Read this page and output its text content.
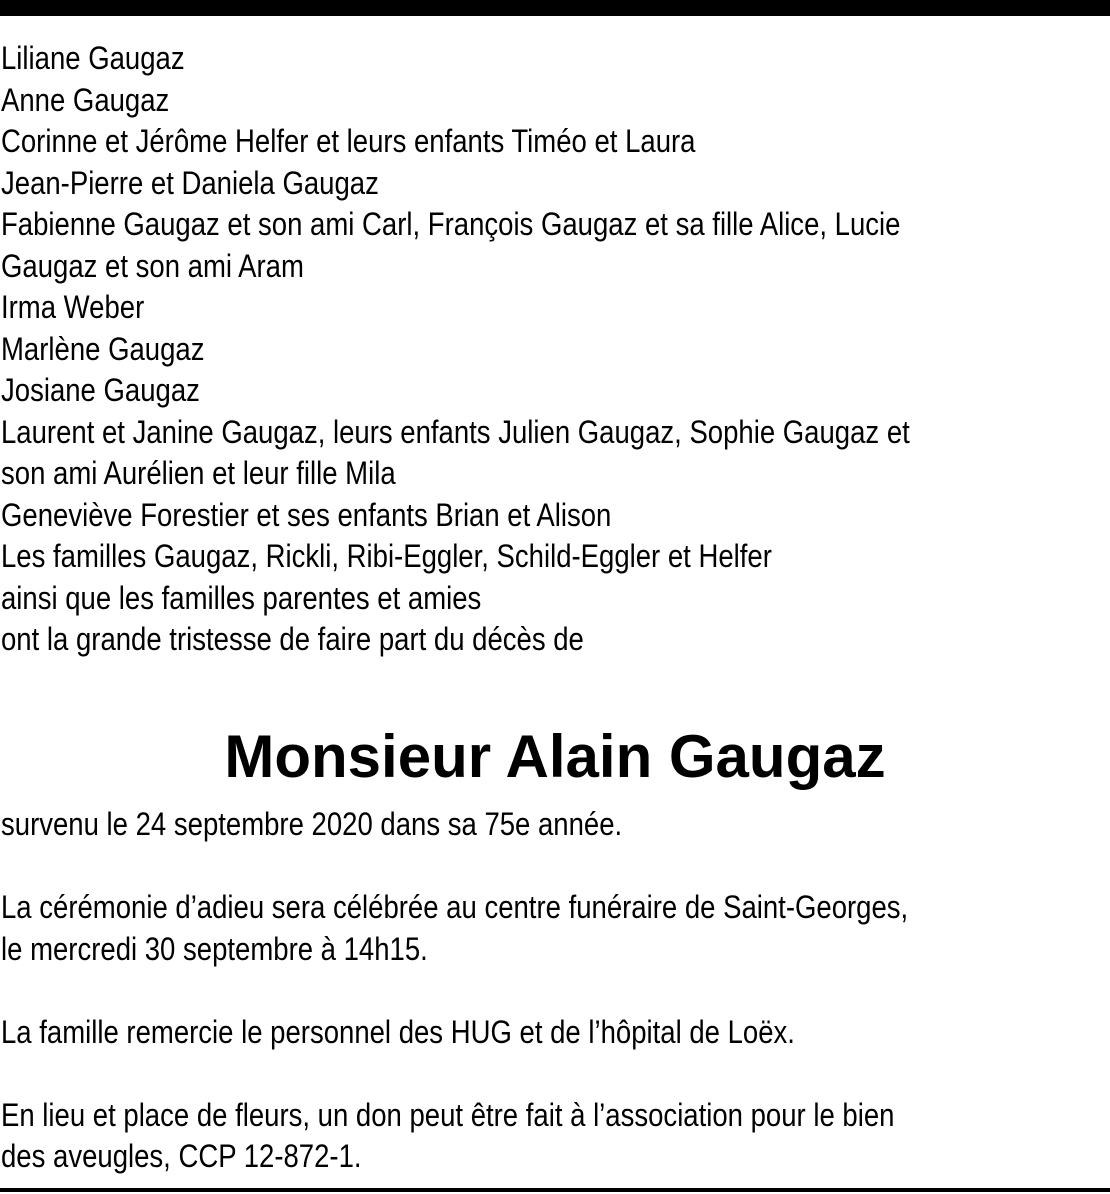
Liliane Gaugaz
Anne Gaugaz
Corinne et Jérôme Helfer et leurs enfants Timéo et Laura
Jean-Pierre et Daniela Gaugaz
Fabienne Gaugaz et son ami Carl, François Gaugaz et sa fille Alice, Lucie
Gaugaz et son ami Aram
Irma Weber
Marlène Gaugaz
Josiane Gaugaz
Laurent et Janine Gaugaz, leurs enfants Julien Gaugaz, Sophie Gaugaz et
son ami Aurélien et leur fille Mila
Geneviève Forestier et ses enfants Brian et Alison
Les familles Gaugaz, Rickli, Ribi-Eggler, Schild-Eggler et Helfer
ainsi que les familles parentes et amies
ont la grande tristesse de faire part du décès de
Monsieur Alain Gaugaz

survenu le 24 septembre 2020 dans sa 75e année.

La cérémonie d’adieu sera célébrée au centre funéraire de Saint-Georges,
le mercredi 30 septembre à 14h15.

La famille remercie le personnel des HUG et de l’hôpital de Loëx.

En lieu et place de fleurs, un don peut être fait à l’association pour le bien
des aveugles, CCP 12-872-1.
